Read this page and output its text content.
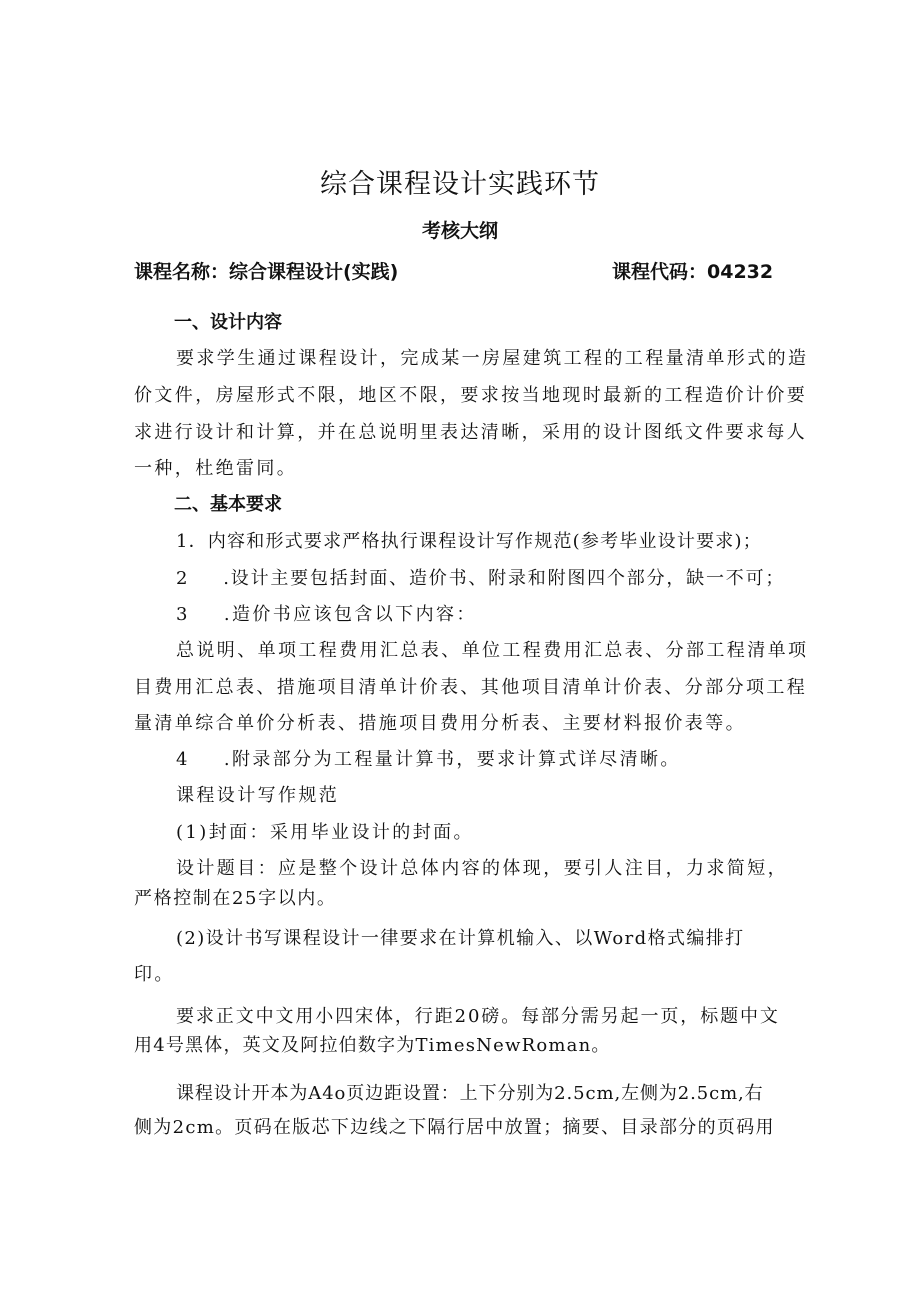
综合课程设计实践环节
考核大纲
课程名称：综合课程设计(实践)	课程代码：04232
一、设计内容
要求学生通过课程设计，完成某一房屋建筑工程的工程量清单形式的造
价文件，房屋形式不限，地区不限，要求按当地现时最新的工程造价计价要
求进行设计和计算，并在总说明里表达清晰，采用的设计图纸文件要求每人
一种，杜绝雷同。
二、基本要求
1．内容和形式要求严格执行课程设计写作规范(参考毕业设计要求)；
2 .设计主要包括封面、造价书、附录和附图四个部分，缺一不可；
3 .造价书应该包含以下内容：
总说明、单项工程费用汇总表、单位工程费用汇总表、分部工程清单项
目费用汇总表、措施项目清单计价表、其他项目清单计价表、分部分项工程
量清单综合单价分析表、措施项目费用分析表、主要材料报价表等。
4 .附录部分为工程量计算书，要求计算式详尽清晰。
课程设计写作规范
(1)封面：采用毕业设计的封面。
设计题目：应是整个设计总体内容的体现，要引人注目，力求简短，
严格控制在25字以内。
(2)设计书写课程设计一律要求在计算机输入、以Word格式编排打
印。
要求正文中文用小四宋体，行距20磅。每部分需另起一页，标题中文
用4号黑体，英文及阿拉伯数字为TimesNewRoman。
课程设计开本为A4o页边距设置：上下分别为2.5cm,左侧为2.5cm,右
侧为2cm。页码在版芯下边线之下隔行居中放置；摘要、目录部分的页码用
